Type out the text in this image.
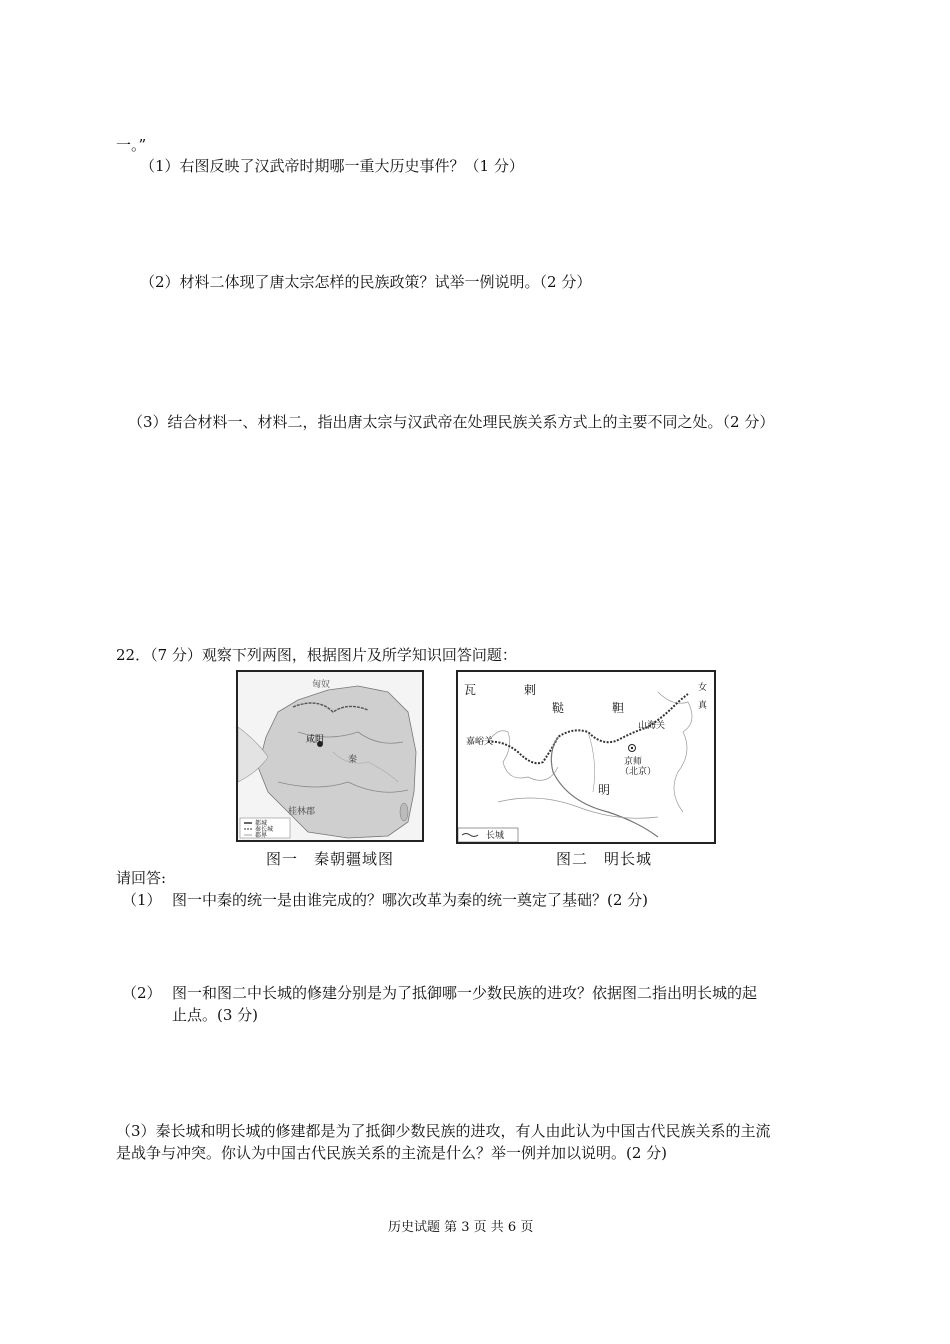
一。”
（1）右图反映了汉武帝时期哪一重大历史事件？（1 分）
（2）材料二体现了唐太宗怎样的民族政策？试举一例说明。（2 分）
（3）结合材料一、材料二，指出唐太宗与汉武帝在处理民族关系方式上的主要不同之处。（2 分）
22．（7 分）观察下列两图，根据图片及所学知识回答问题：
匈奴
咸阳
秦
桂林郡
都城
秦长城
郡界
图一　秦朝疆域图
瓦	剌
鞑	靼
女
真
山海关
嘉峪关
京师
（北京）
明
长城
图二　明长城
请回答:
（1） 图一中秦的统一是由谁完成的？哪次改革为秦的统一奠定了基础？(2 分)
（2） 图一和图二中长城的修建分别是为了抵御哪一少数民族的进攻？依据图二指出明长城的起
止点。(3 分)
（3）秦长城和明长城的修建都是为了抵御少数民族的进攻，有人由此认为中国古代民族关系的主流
是战争与冲突。你认为中国古代民族关系的主流是什么？举一例并加以说明。(2 分)
历史试题 第 3 页 共 6 页
